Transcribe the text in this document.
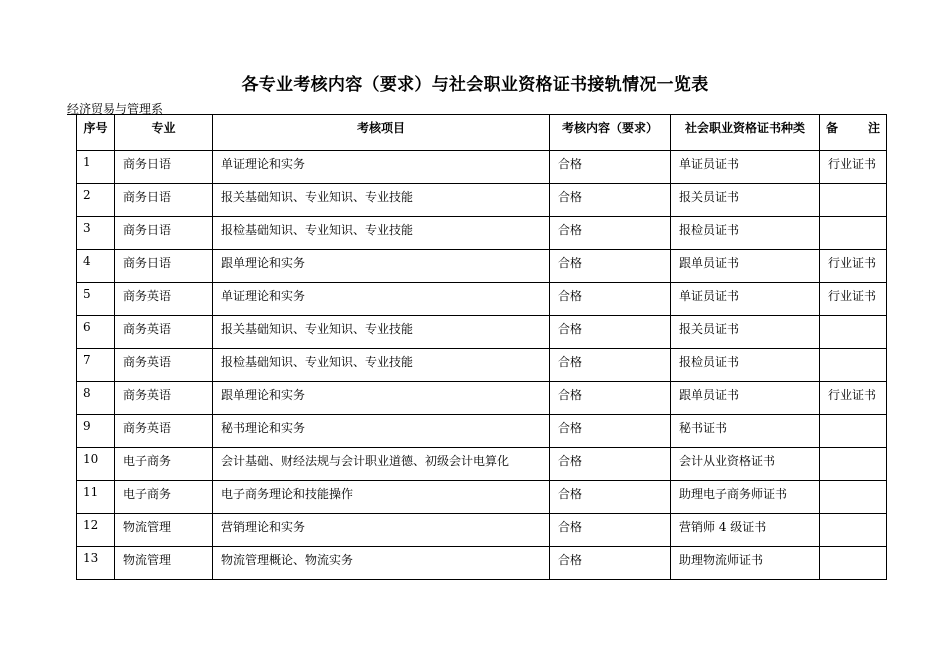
各专业考核内容（要求）与社会职业资格证书接轨情况一览表
经济贸易与管理系
序号	专业	考核项目	考核内容（要求）	社会职业资格证书种类	备 注

1	商务日语	单证理论和实务	合格	单证员证书	行业证书
2	商务日语	报关基础知识、专业知识、专业技能	合格	报关员证书	
3	商务日语	报检基础知识、专业知识、专业技能	合格	报检员证书	
4	商务日语	跟单理论和实务	合格	跟单员证书	行业证书
5	商务英语	单证理论和实务	合格	单证员证书	行业证书
6	商务英语	报关基础知识、专业知识、专业技能	合格	报关员证书	
7	商务英语	报检基础知识、专业知识、专业技能	合格	报检员证书	
8	商务英语	跟单理论和实务	合格	跟单员证书	行业证书
9	商务英语	秘书理论和实务	合格	秘书证书	
10	电子商务	会计基础、财经法规与会计职业道德、初级会计电算化	合格	会计从业资格证书	
11	电子商务	电子商务理论和技能操作	合格	助理电子商务师证书	
12	物流管理	营销理论和实务	合格	营销师 4 级证书	
13	物流管理	物流管理概论、物流实务	合格	助理物流师证书	
